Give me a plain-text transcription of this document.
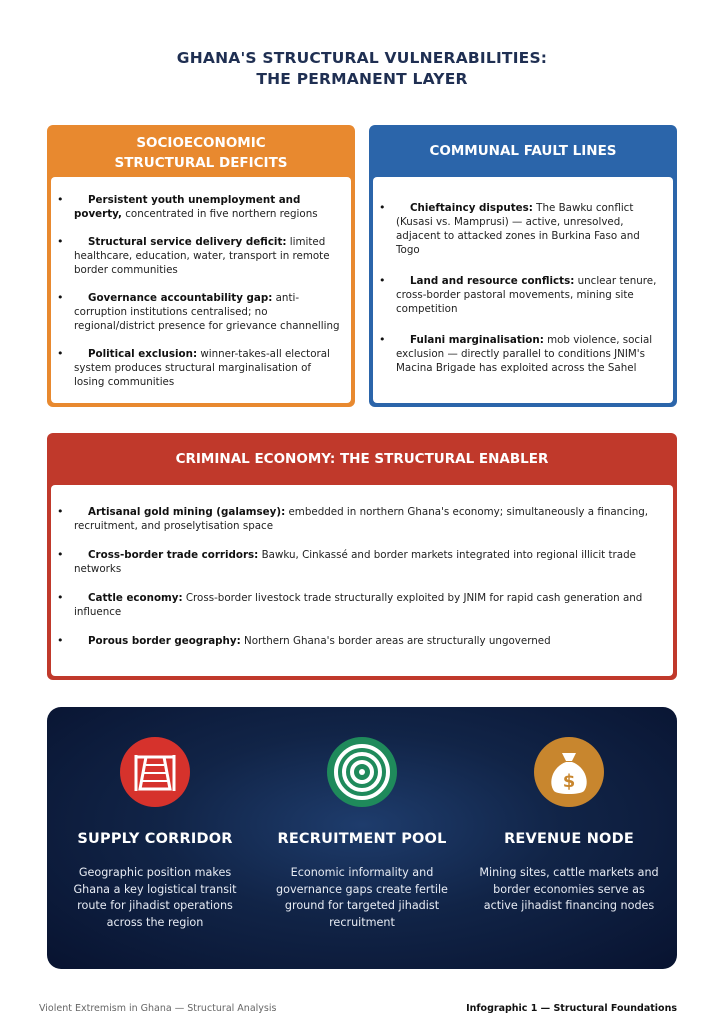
GHANA'S STRUCTURAL VULNERABILITIES:
THE PERMANENT LAYER
SOCIOECONOMIC
STRUCTURAL DEFICITS
• Persistent youth unemployment and poverty, concentrated in five northern regions
• Structural service delivery deficit: limited healthcare, education, water, transport in remote border communities
• Governance accountability gap: anti-corruption institutions centralised; no regional/district presence for grievance channelling
• Political exclusion: winner-takes-all electoral system produces structural marginalisation of losing communities
COMMUNAL FAULT LINES
• Chieftaincy disputes: The Bawku conflict (Kusasi vs. Mamprusi) — active, unresolved, adjacent to attacked zones in Burkina Faso and Togo
• Land and resource conflicts: unclear tenure, cross-border pastoral movements, mining site competition
• Fulani marginalisation: mob violence, social exclusion — directly parallel to conditions JNIM's Macina Brigade has exploited across the Sahel
CRIMINAL ECONOMY: THE STRUCTURAL ENABLER
• Artisanal gold mining (galamsey): embedded in northern Ghana's economy; simultaneously a financing, recruitment, and proselytisation space
• Cross-border trade corridors: Bawku, Cinkassé and border markets integrated into regional illicit trade networks
• Cattle economy: Cross-border livestock trade structurally exploited by JNIM for rapid cash generation and influence
• Porous border geography: Northern Ghana's border areas are structurally ungoverned
SUPPLY CORRIDOR
Geographic position makes Ghana a key logistical transit route for jihadist operations across the region
RECRUITMENT POOL
Economic informality and governance gaps create fertile ground for targeted jihadist recruitment
$
REVENUE NODE
Mining sites, cattle markets and border economies serve as active jihadist financing nodes
Violent Extremism in Ghana — Structural Analysis	Infographic 1 — Structural Foundations
